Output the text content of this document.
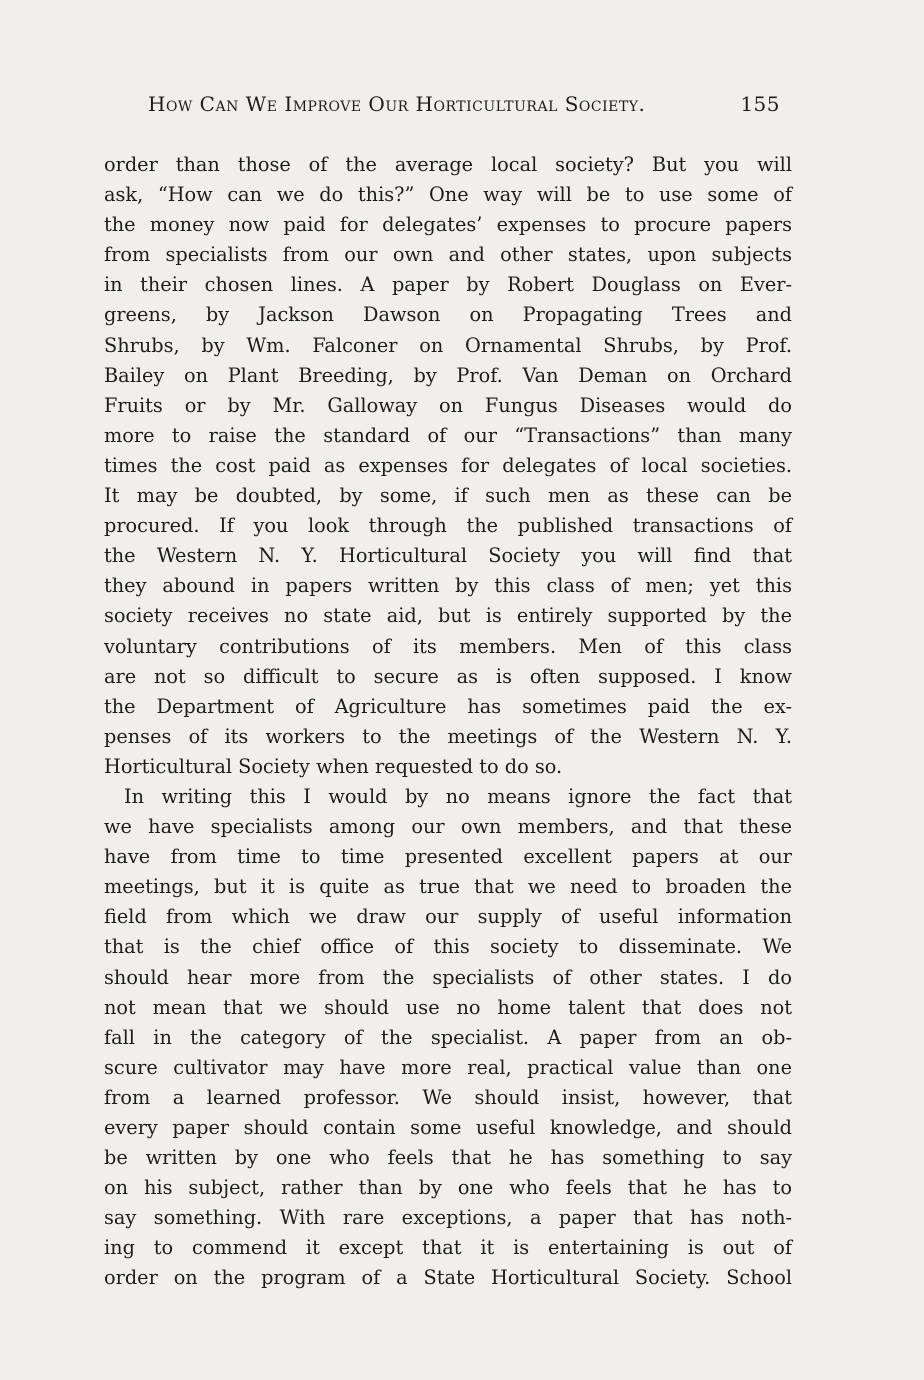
How Can We Improve Our Horticultural Society.	155
order than those of the average local society? But you will
ask, “How can we do this?” One way will be to use some of
the money now paid for delegates’ expenses to procure papers
from specialists from our own and other states, upon subjects
in their chosen lines. A paper by Robert Douglass on Ever-
greens, by Jackson Dawson on Propagating Trees and
Shrubs, by Wm. Falconer on Ornamental Shrubs, by Prof.
Bailey on Plant Breeding, by Prof. Van Deman on Orchard
Fruits or by Mr. Galloway on Fungus Diseases would do
more to raise the standard of our “Transactions” than many
times the cost paid as expenses for delegates of local societies.
It may be doubted, by some, if such men as these can be
procured. If you look through the published transactions of
the Western N. Y. Horticultural Society you will find that
they abound in papers written by this class of men; yet this
society receives no state aid, but is entirely supported by the
voluntary contributions of its members. Men of this class
are not so difficult to secure as is often supposed. I know
the Department of Agriculture has sometimes paid the ex-
penses of its workers to the meetings of the Western N. Y.
Horticultural Society when requested to do so.
In writing this I would by no means ignore the fact that
we have specialists among our own members, and that these
have from time to time presented excellent papers at our
meetings, but it is quite as true that we need to broaden the
field from which we draw our supply of useful information
that is the chief office of this society to disseminate. We
should hear more from the specialists of other states. I do
not mean that we should use no home talent that does not
fall in the category of the specialist. A paper from an ob-
scure cultivator may have more real, practical value than one
from a learned professor. We should insist, however, that
every paper should contain some useful knowledge, and should
be written by one who feels that he has something to say
on his subject, rather than by one who feels that he has to
say something. With rare exceptions, a paper that has noth-
ing to commend it except that it is entertaining is out of
order on the program of a State Horticultural Society. School
